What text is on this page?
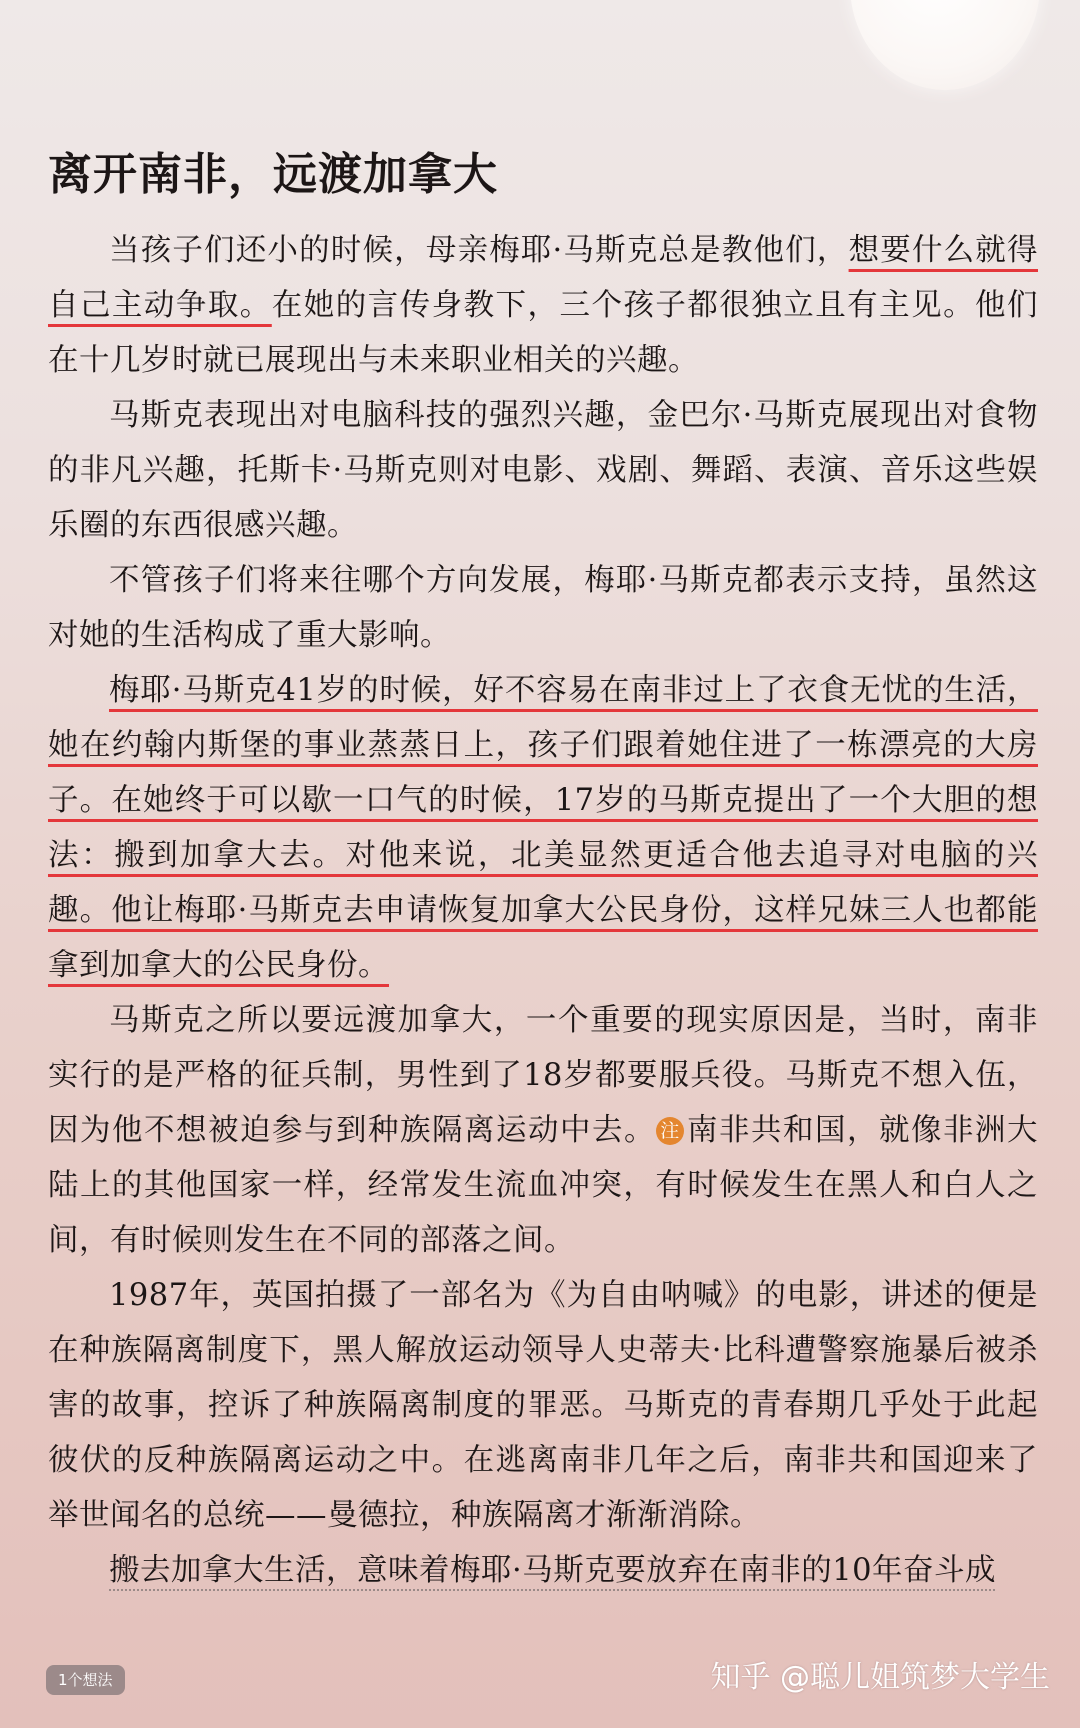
离开南非，远渡加拿大

当孩子们还小的时候，母亲梅耶·马斯克总是教他们，想要什么就得自己主动争取。在她的言传身教下，三个孩子都很独立且有主见。他们在十几岁时就已展现出与未来职业相关的兴趣。

马斯克表现出对电脑科技的强烈兴趣，金巴尔·马斯克展现出对食物的非凡兴趣，托斯卡·马斯克则对电影、戏剧、舞蹈、表演、音乐这些娱乐圈的东西很感兴趣。

不管孩子们将来往哪个方向发展，梅耶·马斯克都表示支持，虽然这对她的生活构成了重大影响。

梅耶·马斯克41岁的时候，好不容易在南非过上了衣食无忧的生活，她在约翰内斯堡的事业蒸蒸日上，孩子们跟着她住进了一栋漂亮的大房子。在她终于可以歇一口气的时候，17岁的马斯克提出了一个大胆的想法：搬到加拿大去。对他来说，北美显然更适合他去追寻对电脑的兴趣。他让梅耶·马斯克去申请恢复加拿大公民身份，这样兄妹三人也都能拿到加拿大的公民身份。

马斯克之所以要远渡加拿大，一个重要的现实原因是，当时，南非实行的是严格的征兵制，男性到了18岁都要服兵役。马斯克不想入伍，因为他不想被迫参与到种族隔离运动中去。 注 南非共和国，就像非洲大陆上的其他国家一样，经常发生流血冲突，有时候发生在黑人和白人之间，有时候则发生在不同的部落之间。

1987年，英国拍摄了一部名为《为自由呐喊》的电影，讲述的便是在种族隔离制度下，黑人解放运动领导人史蒂夫·比科遭警察施暴后被杀害的故事，控诉了种族隔离制度的罪恶。马斯克的青春期几乎处于此起彼伏的反种族隔离运动之中。在逃离南非几年之后，南非共和国迎来了举世闻名的总统——曼德拉，种族隔离才渐渐消除。

搬去加拿大生活，意味着梅耶·马斯克要放弃在南非的10年奋斗成

1个想法	知乎 @聪儿姐筑梦大学生
